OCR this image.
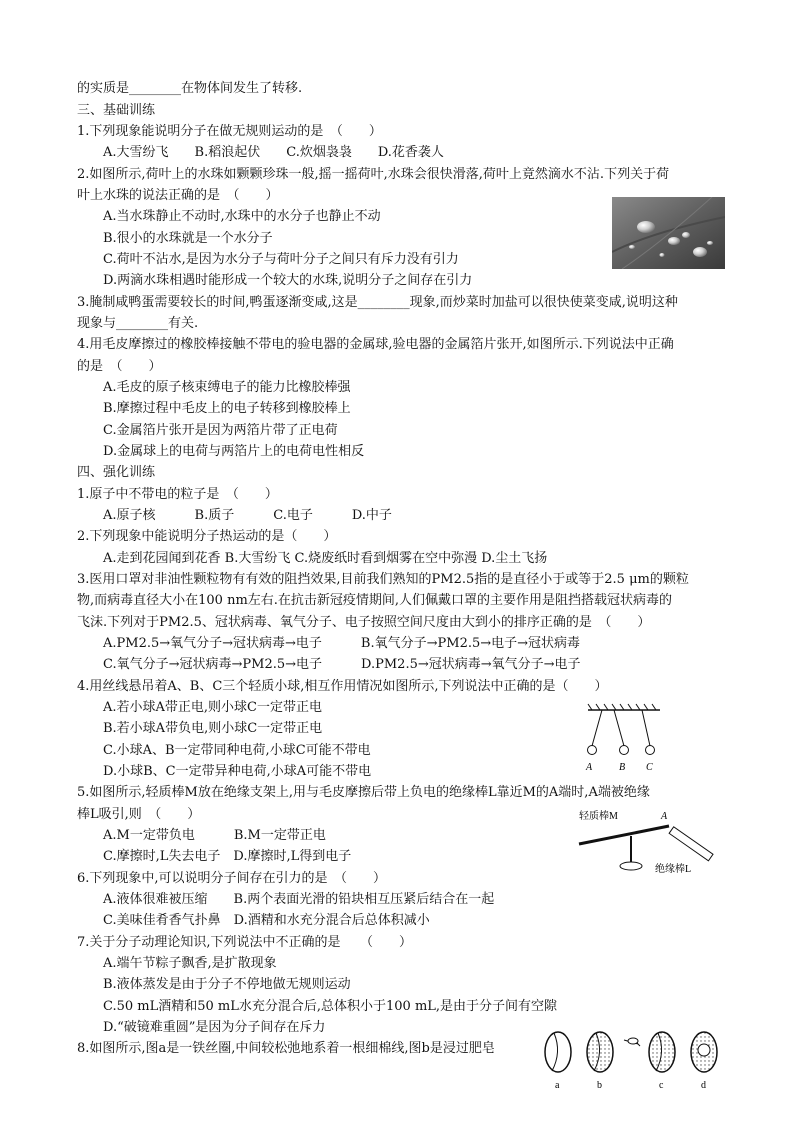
的实质是________在物体间发生了转移.
三、基础训练
1.下列现象能说明分子在做无规则运动的是　（　　）
A.大雪纷飞　　B.稻浪起伏　　C.炊烟袅袅　　D.花香袭人
2.如图所示,荷叶上的水珠如颗颗珍珠一般,摇一摇荷叶,水珠会很快滑落,荷叶上竟然滴水不沾.下列关于荷
叶上水珠的说法正确的是　（　　）
A.当水珠静止不动时,水珠中的水分子也静止不动
B.很小的水珠就是一个水分子
C.荷叶不沾水,是因为水分子与荷叶分子之间只有斥力没有引力
D.两滴水珠相遇时能形成一个较大的水珠,说明分子之间存在引力
3.腌制咸鸭蛋需要较长的时间,鸭蛋逐渐变咸,这是________现象,而炒菜时加盐可以很快使菜变咸,说明这种
现象与________有关.
4.用毛皮摩擦过的橡胶棒接触不带电的验电器的金属球,验电器的金属箔片张开,如图所示.下列说法中正确
的是　（　　）
A.毛皮的原子核束缚电子的能力比橡胶棒强
B.摩擦过程中毛皮上的电子转移到橡胶棒上
C.金属箔片张开是因为两箔片带了正电荷
D.金属球上的电荷与两箔片上的电荷电性相反
四、强化训练
1.原子中不带电的粒子是　（　　）
A.原子核　　　B.质子　　　C.电子　　　D.中子
2.下列现象中能说明分子热运动的是（　　）
A.走到花园闻到花香 B.大雪纷飞 C.烧废纸时看到烟雾在空中弥漫 D.尘土飞扬
3.医用口罩对非油性颗粒物有有效的阻挡效果,目前我们熟知的PM2.5指的是直径小于或等于2.5 μm的颗粒
物,而病毒直径大小在100 nm左右.在抗击新冠疫情期间,人们佩戴口罩的主要作用是阻挡搭载冠状病毒的
飞沫.下列对于PM2.5、冠状病毒、氧气分子、电子按照空间尺度由大到小的排序正确的是　（　　）
A.PM2.5→氧气分子→冠状病毒→电子　　　B.氧气分子→PM2.5→电子→冠状病毒
C.氧气分子→冠状病毒→PM2.5→电子　　　D.PM2.5→冠状病毒→氧气分子→电子
4.用丝线悬吊着A、B、C三个轻质小球,相互作用情况如图所示,下列说法中正确的是（　　）
A.若小球A带正电,则小球C一定带正电
B.若小球A带负电,则小球C一定带正电
C.小球A、B一定带同种电荷,小球C可能不带电
D.小球B、C一定带异种电荷,小球A可能不带电
5.如图所示,轻质棒M放在绝缘支架上,用与毛皮摩擦后带上负电的绝缘棒L靠近M的A端时,A端被绝缘
棒L吸引,则　（　　）
A.M一定带负电　　　B.M一定带正电
C.摩擦时,L失去电子　D.摩擦时,L得到电子
6.下列现象中,可以说明分子间存在引力的是　（　　）
A.液体很难被压缩　　B.两个表面光滑的铅块相互压紧后结合在一起
C.美味佳肴香气扑鼻　D.酒精和水充分混合后总体积减小
7.关于分子动理论知识,下列说法中不正确的是　　（　　）
A.端午节粽子飘香,是扩散现象
B.液体蒸发是由于分子不停地做无规则运动
C.50 mL酒精和50 mL水充分混合后,总体积小于100 mL,是由于分子间有空隙
D.“破镜难重圆”是因为分子间存在斥力
8.如图所示,图a是一铁丝圈,中间较松弛地系着一根细棉线,图b是浸过肥皂
A	B C
轻质棒M	A
绝缘棒L
a	b	c	d
